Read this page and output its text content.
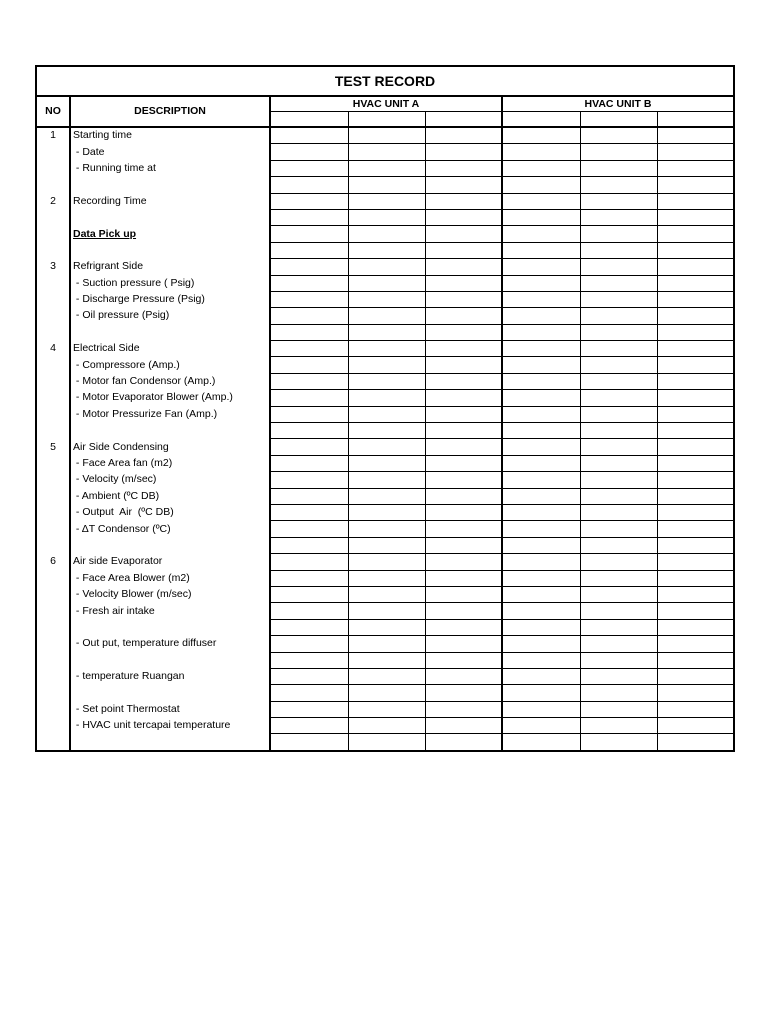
TEST RECORD							
NO	DESCRIPTION	HVAC UNIT A			HVAC UNIT B		

1	Starting time						
	- Date						
	- Running time at						

2	Recording Time						

	Data Pick up						

3	Refrigrant Side						
	- Suction pressure ( Psig)						
	- Discharge Pressure (Psig)						
	- Oil pressure (Psig)						

4	Electrical Side						
	- Compressore (Amp.)						
	- Motor fan Condensor (Amp.)						
	- Motor Evaporator Blower (Amp.)						
	- Motor Pressurize Fan (Amp.)						

5	Air Side Condensing						
	- Face Area fan (m2)						
	- Velocity (m/sec)						
	- Ambient (ºC DB)						
	- Output  Air  (ºC DB)						
	- ΔT Condensor (ºC)						

6	Air side Evaporator						
	- Face Area Blower (m2)						
	- Velocity Blower (m/sec)						
	- Fresh air intake						

	- Out put, temperature diffuser						

	- temperature Ruangan						

	- Set point Thermostat						
	- HVAC unit tercapai temperature						
